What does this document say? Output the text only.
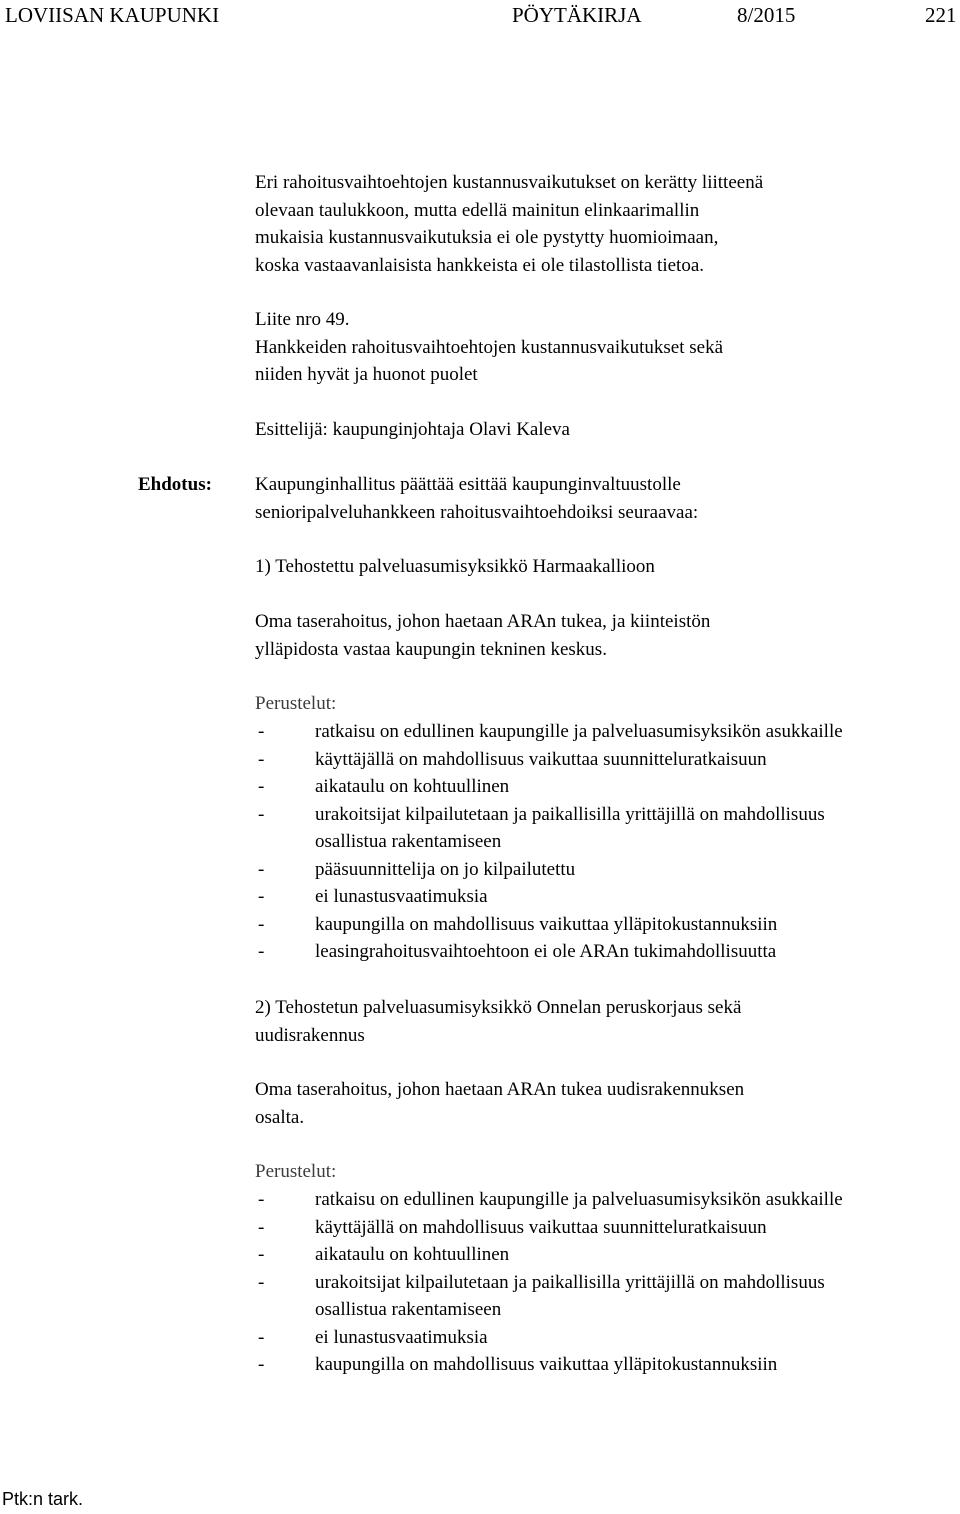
LOVIISAN KAUPUNKI	PÖYTÄKIRJA	8/2015	221
Eri rahoitusvaihtoehtojen kustannusvaikutukset on kerätty liitteenä
olevaan taulukkoon, mutta edellä mainitun elinkaarimallin
mukaisia kustannusvaikutuksia ei ole pystytty huomioimaan,
koska vastaavanlaisista hankkeista ei ole tilastollista tietoa.
Liite nro 49.
Hankkeiden rahoitusvaihtoehtojen kustannusvaikutukset sekä
niiden hyvät ja huonot puolet
Esittelijä: kaupunginjohtaja Olavi Kaleva
Ehdotus: Kaupunginhallitus päättää esittää kaupunginvaltuustolle
senioripalveluhankkeen rahoitusvaihtoehdoiksi seuraavaa:
1) Tehostettu palveluasumisyksikkö Harmaakallioon
Oma taserahoitus, johon haetaan ARAn tukea, ja kiinteistön
ylläpidosta vastaa kaupungin tekninen keskus.
Perustelut:
-	ratkaisu on edullinen kaupungille ja palveluasumisyksikön asukkaille
-	käyttäjällä on mahdollisuus vaikuttaa suunnitteluratkaisuun
-	aikataulu on kohtuullinen
-	urakoitsijat kilpailutetaan ja paikallisilla yrittäjillä on mahdollisuus
osallistua rakentamiseen
-	pääsuunnittelija on jo kilpailutettu
-	ei lunastusvaatimuksia
-	kaupungilla on mahdollisuus vaikuttaa ylläpitokustannuksiin
-	leasingrahoitusvaihtoehtoon ei ole ARAn tukimahdollisuutta
2) Tehostetun palveluasumisyksikkö Onnelan peruskorjaus sekä
uudisrakennus
Oma taserahoitus, johon haetaan ARAn tukea uudisrakennuksen
osalta.
Perustelut:
-	ratkaisu on edullinen kaupungille ja palveluasumisyksikön asukkaille
-	käyttäjällä on mahdollisuus vaikuttaa suunnitteluratkaisuun
-	aikataulu on kohtuullinen
-	urakoitsijat kilpailutetaan ja paikallisilla yrittäjillä on mahdollisuus
osallistua rakentamiseen
-	ei lunastusvaatimuksia
-	kaupungilla on mahdollisuus vaikuttaa ylläpitokustannuksiin
Ptk:n tark.
